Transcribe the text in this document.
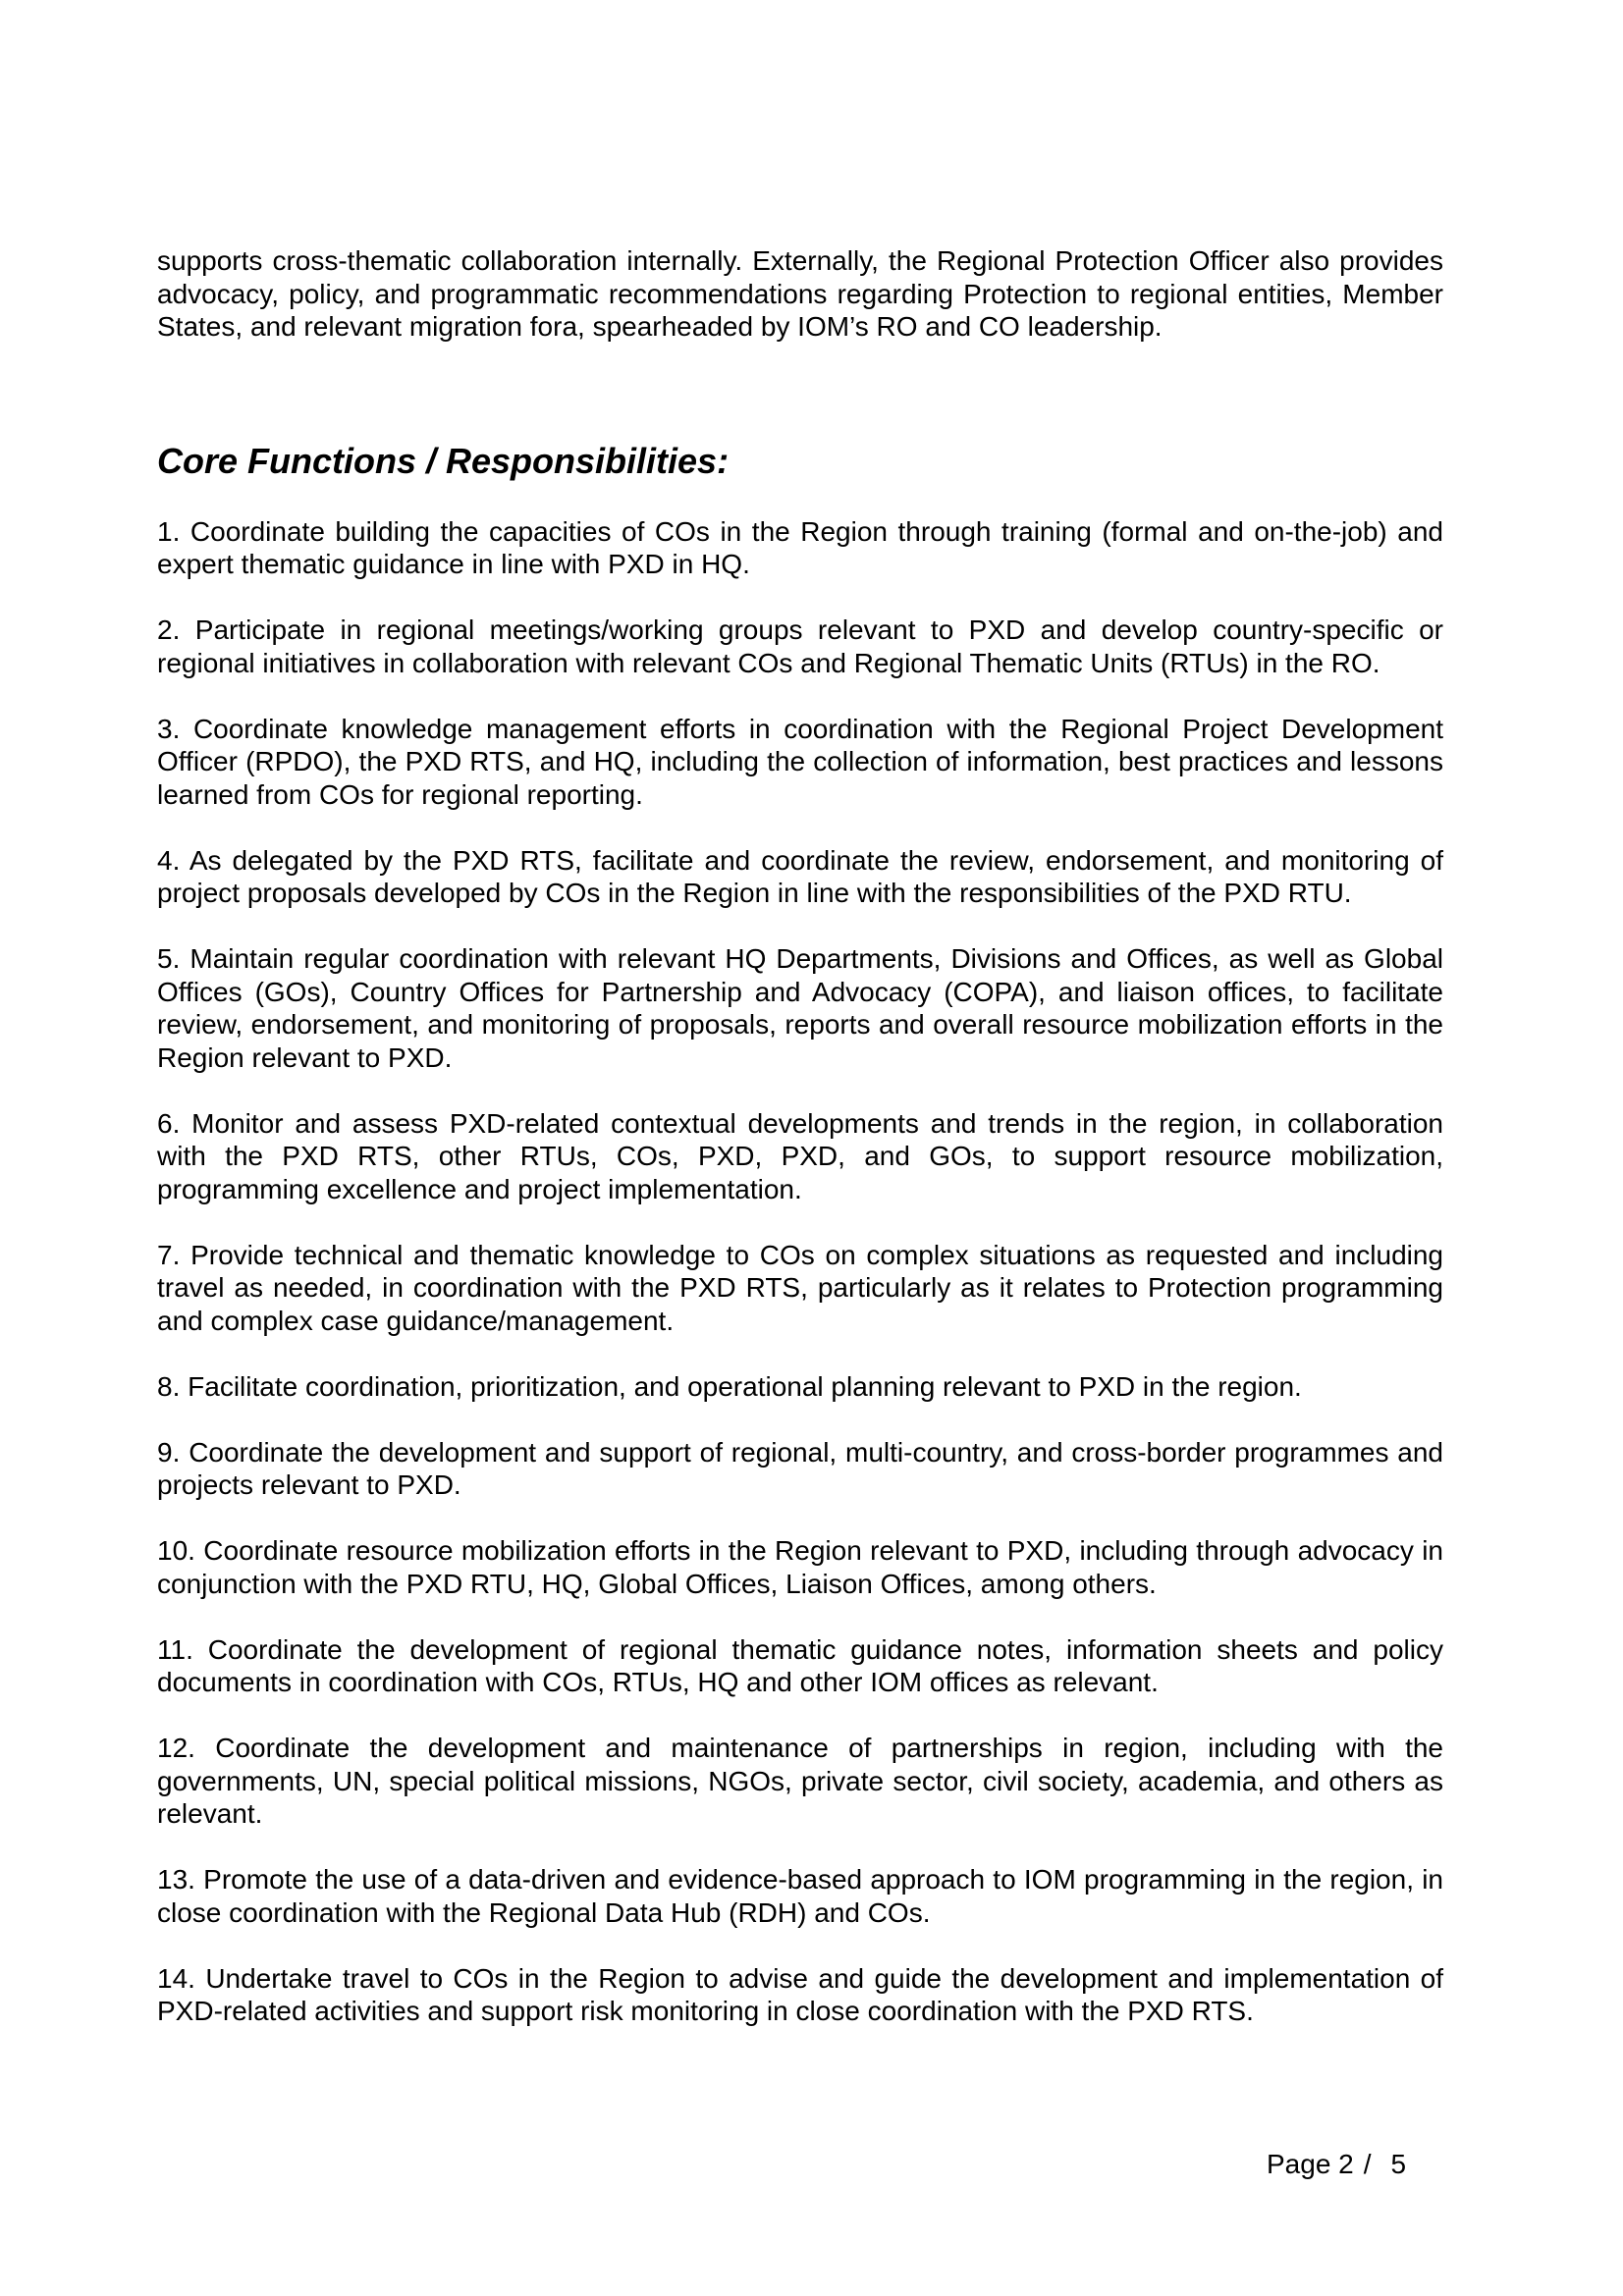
supports cross-thematic collaboration internally. Externally, the Regional Protection Officer also provides advocacy, policy, and programmatic recommendations regarding Protection to regional entities, Member States, and relevant migration fora, spearheaded by IOM’s RO and CO leadership.

Core Functions / Responsibilities:

1. Coordinate building the capacities of COs in the Region through training (formal and on-the-job) and expert thematic guidance in line with PXD in HQ.

2. Participate in regional meetings/working groups relevant to PXD and develop country-specific or regional initiatives in collaboration with relevant COs and Regional Thematic Units (RTUs) in the RO.

3. Coordinate knowledge management efforts in coordination with the Regional Project Development Officer (RPDO), the PXD RTS, and HQ, including the collection of information, best practices and lessons learned from COs for regional reporting.

4. As delegated by the PXD RTS, facilitate and coordinate the review, endorsement, and monitoring of project proposals developed by COs in the Region in line with the responsibilities of the PXD RTU.

5. Maintain regular coordination with relevant HQ Departments, Divisions and Offices, as well as Global Offices (GOs), Country Offices for Partnership and Advocacy (COPA), and liaison offices, to facilitate review, endorsement, and monitoring of proposals, reports and overall resource mobilization efforts in the Region relevant to PXD.

6. Monitor and assess PXD-related contextual developments and trends in the region, in collaboration with the PXD RTS, other RTUs, COs, PXD, PXD, and GOs, to support resource mobilization, programming excellence and project implementation.

7. Provide technical and thematic knowledge to COs on complex situations as requested and including travel as needed, in coordination with the PXD RTS, particularly as it relates to Protection programming and complex case guidance/management.

8. Facilitate coordination, prioritization, and operational planning relevant to PXD in the region.

9. Coordinate the development and support of regional, multi-country, and cross-border programmes and projects relevant to PXD.

10. Coordinate resource mobilization efforts in the Region relevant to PXD, including through advocacy in conjunction with the PXD RTU, HQ, Global Offices, Liaison Offices, among others.

11. Coordinate the development of regional thematic guidance notes, information sheets and policy documents in coordination with COs, RTUs, HQ and other IOM offices as relevant.

12. Coordinate the development and maintenance of partnerships in region, including with the governments, UN, special political missions, NGOs, private sector, civil society, academia, and others as relevant.

13. Promote the use of a data-driven and evidence-based approach to IOM programming in the region, in close coordination with the Regional Data Hub (RDH) and COs.

14. Undertake travel to COs in the Region to advise and guide the development and implementation of PXD-related activities and support risk monitoring in close coordination with the PXD RTS.

Page 2 / 5
